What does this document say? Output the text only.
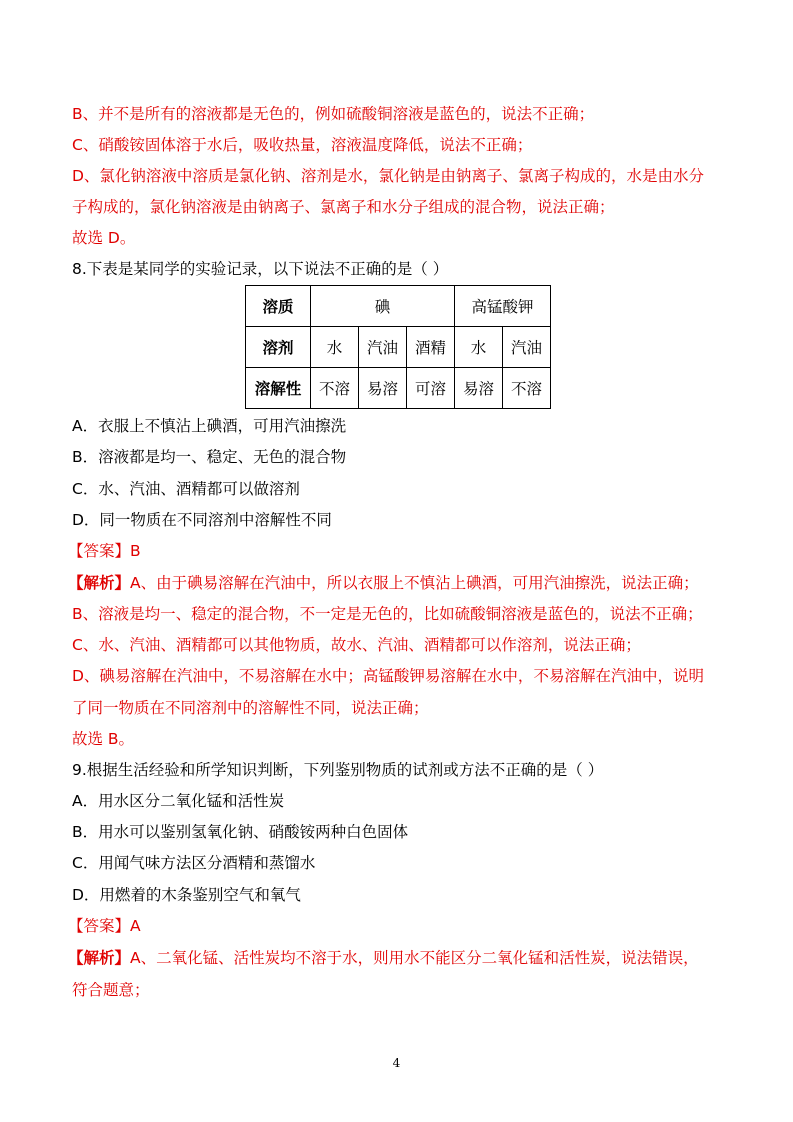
B、并不是所有的溶液都是无色的，例如硫酸铜溶液是蓝色的，说法不正确；
C、硝酸铵固体溶于水后，吸收热量，溶液温度降低，说法不正确；
D、氯化钠溶液中溶质是氯化钠、溶剂是水，氯化钠是由钠离子、氯离子构成的，水是由水分
子构成的，氯化钠溶液是由钠离子、氯离子和水分子组成的混合物，说法正确；
故选 D。
8.下表是某同学的实验记录，以下说法不正确的是（ ）
溶质	碘			高锰酸钾	
溶剂	水	汽油	酒精	水	汽油
溶解性	不溶	易溶	可溶	易溶	不溶
A．衣服上不慎沾上碘酒，可用汽油擦洗
B．溶液都是均一、稳定、无色的混合物
C．水、汽油、酒精都可以做溶剂
D．同一物质在不同溶剂中溶解性不同
【答案】B
【解析】A、由于碘易溶解在汽油中，所以衣服上不慎沾上碘酒，可用汽油擦洗，说法正确；
B、溶液是均一、稳定的混合物，不一定是无色的，比如硫酸铜溶液是蓝色的，说法不正确；
C、水、汽油、酒精都可以其他物质，故水、汽油、酒精都可以作溶剂，说法正确；
D、碘易溶解在汽油中，不易溶解在水中；高锰酸钾易溶解在水中，不易溶解在汽油中，说明
了同一物质在不同溶剂中的溶解性不同，说法正确；
故选 B。
9.根据生活经验和所学知识判断，下列鉴别物质的试剂或方法不正确的是（ ）
A．用水区分二氧化锰和活性炭
B．用水可以鉴别氢氧化钠、硝酸铵两种白色固体
C．用闻气味方法区分酒精和蒸馏水
D．用燃着的木条鉴别空气和氧气
【答案】A
【解析】A、二氧化锰、活性炭均不溶于水，则用水不能区分二氧化锰和活性炭，说法错误，
符合题意；
4
